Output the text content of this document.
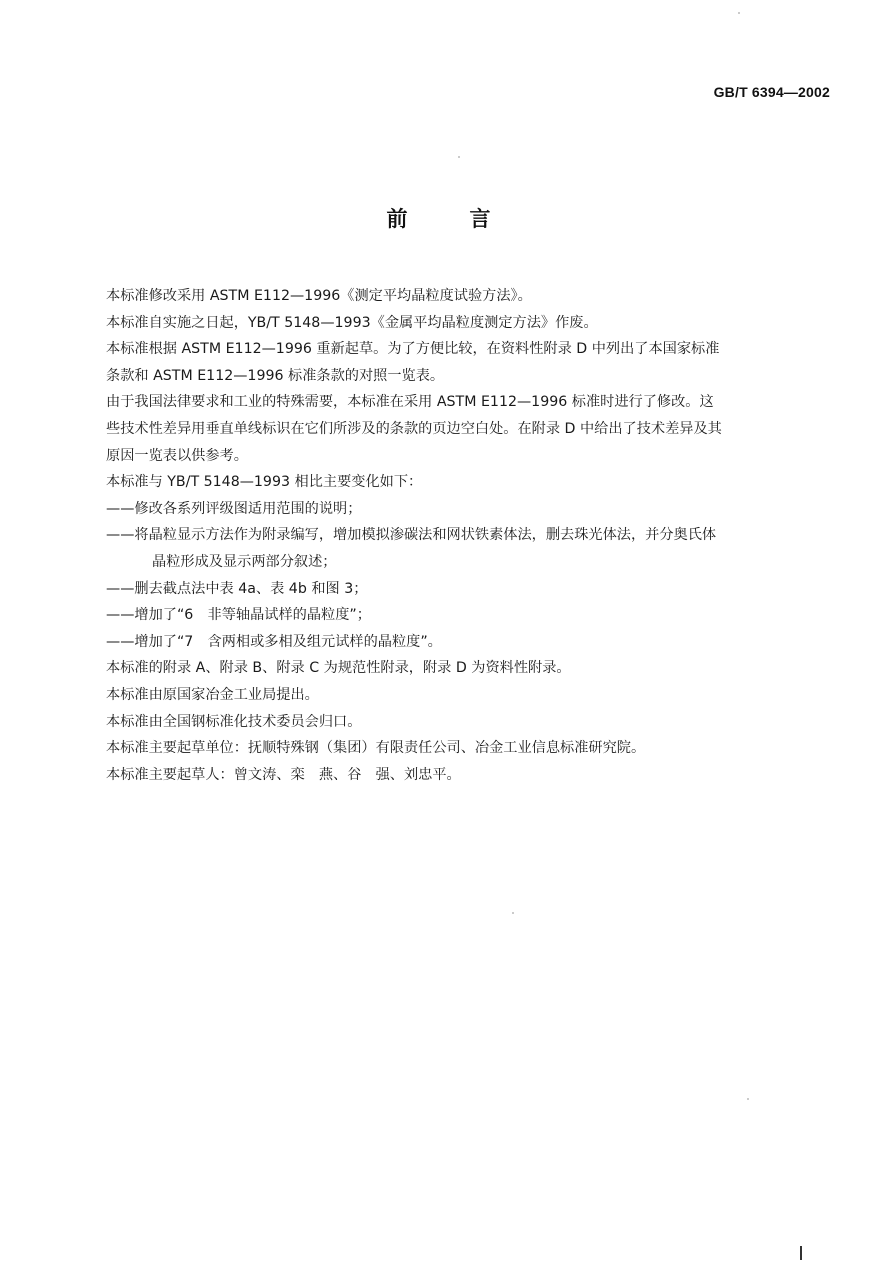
GB/T 6394—2002
前言

本标准修改采用 ASTM E112—1996《测定平均晶粒度试验方法》。

本标准自实施之日起，YB/T 5148—1993《金属平均晶粒度测定方法》作废。

本标准根据 ASTM E112—1996 重新起草。为了方便比较，在资料性附录 D 中列出了本国家标准

条款和 ASTM E112—1996 标准条款的对照一览表。

由于我国法律要求和工业的特殊需要，本标准在采用 ASTM E112—1996 标准时进行了修改。这

些技术性差异用垂直单线标识在它们所涉及的条款的页边空白处。在附录 D 中给出了技术差异及其

原因一览表以供参考。

本标准与 YB/T 5148—1993 相比主要变化如下：

——修改各系列评级图适用范围的说明；

——将晶粒显示方法作为附录编写，增加模拟渗碳法和网状铁素体法，删去珠光体法，并分奥氏体

晶粒形成及显示两部分叙述；

——删去截点法中表 4a、表 4b 和图 3；

——增加了“6　非等轴晶试样的晶粒度”；

——增加了“7　含两相或多相及组元试样的晶粒度”。

本标准的附录 A、附录 B、附录 C 为规范性附录，附录 D 为资料性附录。

本标准由原国家冶金工业局提出。

本标准由全国钢标准化技术委员会归口。

本标准主要起草单位：抚顺特殊钢（集团）有限责任公司、冶金工业信息标准研究院。

本标准主要起草人：曾文涛、栾　燕、谷　强、刘忠平。
